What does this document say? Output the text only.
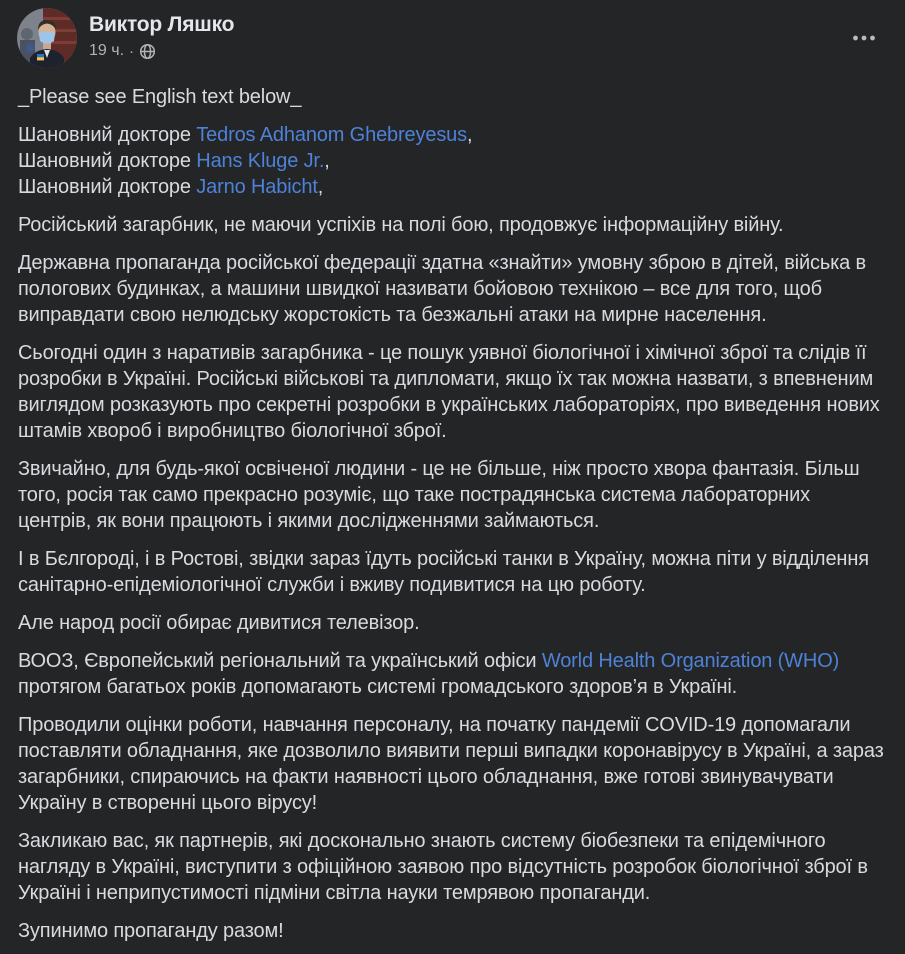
Виктор Ляшко
19 ч. ·
_Please see English text below_
Шановний докторе Tedros Adhanom Ghebreyesus,
Шановний докторе Hans Kluge Jr.,
Шановний докторе Jarno Habicht,
Російський загарбник, не маючи успіхів на полі бою, продовжує інформаційну війну.
Державна пропаганда російської федерації здатна «знайти» умовну зброю в дітей, війська в пологових будинках, а машини швидкої називати бойовою технікою – все для того, щоб виправдати свою нелюдську жорстокість та безжальні атаки на мирне населення.
Сьогодні один з наративів загарбника - це пошук уявної біологічної і хімічної зброї та слідів її розробки в Україні. Російські військові та дипломати, якщо їх так можна назвати, з впевненим виглядом розказують про секретні розробки в українських лабораторіях, про виведення нових штамів хвороб і виробництво біологічної зброї.
Звичайно, для будь-якої освіченої людини - це не більше, ніж просто хвора фантазія. Більш того, росія так само прекрасно розуміє, що таке пострадянська система лабораторних центрів, як вони працюють і якими дослідженнями займаються.
І в Бєлгороді, і в Ростові, звідки зараз їдуть російські танки в Україну, можна піти у відділення санітарно-епідеміологічної служби і вживу подивитися на цю роботу.
Але народ росії обирає дивитися телевізор.
ВООЗ, Європейський регіональний та український офіси World Health Organization (WHO) протягом багатьох років допомагають системі громадського здоров’я в Україні.
Проводили оцінки роботи, навчання персоналу, на початку пандемії COVID-19 допомагали поставляти обладнання, яке дозволило виявити перші випадки коронавірусу в Україні, а зараз загарбники, спираючись на факти наявності цього обладнання, вже готові звинувачувати Україну в створенні цього вірусу!
Закликаю вас, як партнерів, які досконально знають систему біобезпеки та епідемічного нагляду в Україні, виступити з офіційною заявою про відсутність розробок біологічної зброї в Україні і неприпустимості підміни світла науки темрявою пропаганди.
Зупинимо пропаганду разом!
